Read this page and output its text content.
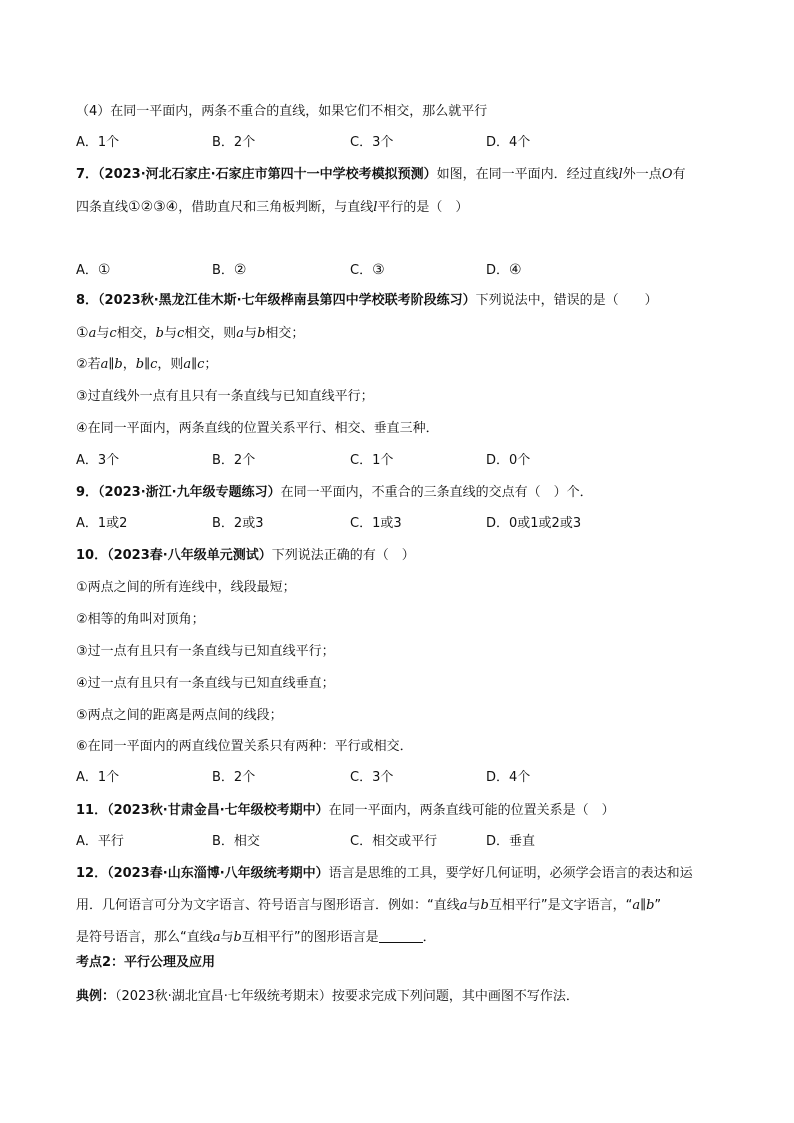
（4）在同一平面内，两条不重合的直线，如果它们不相交，那么就平行
A．1个	B．2个	C．3个	D．4个
7．（2023·河北石家庄·石家庄市第四十一中学校考模拟预测）如图，在同一平面内．经过直线l外一点O有
四条直线①②③④，借助直尺和三角板判断，与直线l平行的是（　）
A．①	B．②	C．③	D．④
8．（2023秋·黑龙江佳木斯·七年级桦南县第四中学校联考阶段练习）下列说法中，错误的是（　　）
①a与c相交，b与c相交，则a与b相交；
②若a∥b，b∥c，则a∥c；
③过直线外一点有且只有一条直线与已知直线平行；
④在同一平面内，两条直线的位置关系平行、相交、垂直三种．
A．3个	B．2个	C．1个	D．0个
9．（2023·浙江·九年级专题练习）在同一平面内，不重合的三条直线的交点有（　）个．
A．1或2	B．2或3	C．1或3	D．0或1或2或3
10．（2023春·八年级单元测试）下列说法正确的有（　）
①两点之间的所有连线中，线段最短；
②相等的角叫对顶角；
③过一点有且只有一条直线与已知直线平行；
④过一点有且只有一条直线与已知直线垂直；
⑤两点之间的距离是两点间的线段；
⑥在同一平面内的两直线位置关系只有两种：平行或相交．
A．1个	B．2个	C．3个	D．4个
11．（2023秋·甘肃金昌·七年级校考期中）在同一平面内，两条直线可能的位置关系是（　）
A．平行	B．相交	C．相交或平行	D．垂直
12．（2023春·山东淄博·八年级统考期中）语言是思维的工具，要学好几何证明，必须学会语言的表达和运
用．几何语言可分为文字语言、符号语言与图形语言．例如：“直线a与b互相平行”是文字语言，“a∥b”
是符号语言，那么“直线a与b互相平行”的图形语言是	．
考点2：平行公理及应用
典例：（2023秋·湖北宜昌·七年级统考期末）按要求完成下列问题，其中画图不写作法．
